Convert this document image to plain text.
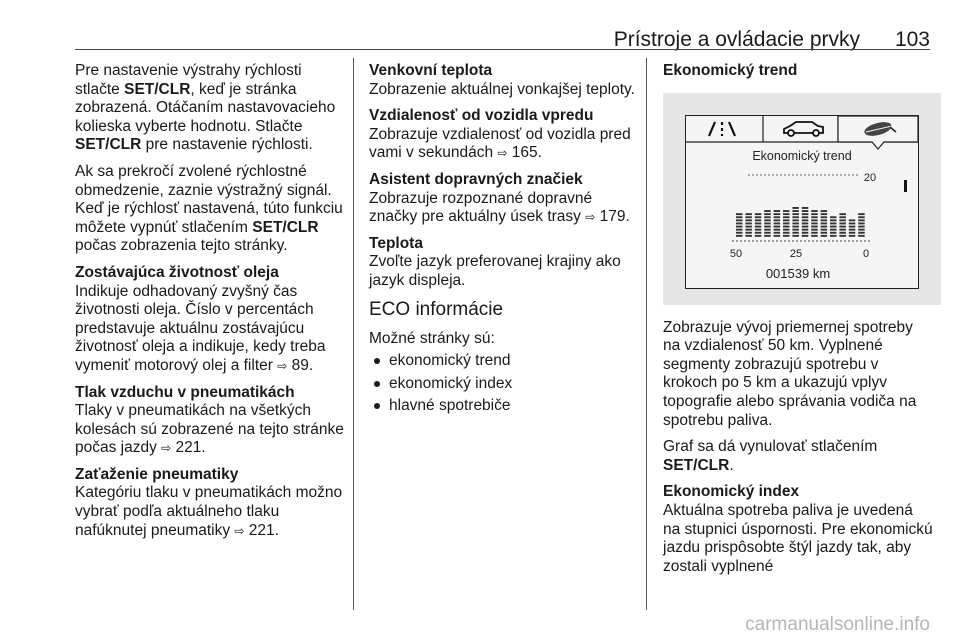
Prístroje a ovládacie prvky 103

Pre nastavenie výstrahy rýchlosti stlačte SET/CLR, keď je stránka zobrazená. Otáčaním nastavovacieho kolieska vyberte hodnotu. Stlačte SET/CLR pre nastavenie rýchlosti.

Ak sa prekročí zvolené rýchlostné obmedzenie, zaznie výstražný signál. Keď je rýchlosť nastavená, túto funkciu môžete vypnúť stlačením SET/CLR počas zobrazenia tejto stránky.

Zostávajúca životnosť oleja

Indikuje odhadovaný zvyšný čas životnosti oleja. Číslo v percentách predstavuje aktuálnu zostávajúcu životnosť oleja a indikuje, kedy treba vymeniť motorový olej a filter ⇨ 89.

Tlak vzduchu v pneumatikách

Tlaky v pneumatikách na všetkých kolesách sú zobrazené na tejto stránke počas jazdy ⇨ 221.

Zaťaženie pneumatiky

Kategóriu tlaku v pneumatikách možno vybrať podľa aktuálneho tlaku nafúknutej pneumatiky ⇨ 221.

Venkovní teplota

Zobrazenie aktuálnej vonkajšej teploty.

Vzdialenosť od vozidla vpredu

Zobrazuje vzdialenosť od vozidla pred vami v sekundách ⇨ 165.

Asistent dopravných značiek

Zobrazuje rozpoznané dopravné značky pre aktuálny úsek trasy ⇨ 179.

Teplota

Zvoľte jazyk preferovanej krajiny ako jazyk displeja.

ECO informácie

Možné stránky sú:

ekonomický trend
ekonomický index
hlavné spotrebiče
Ekonomický trend
Ekonomický trend
20
50	25	0
001539 km

Zobrazuje vývoj priemernej spotreby na vzdialenosť 50 km. Vyplnené segmenty zobrazujú spotrebu v krokoch po 5 km a ukazujú vplyv topografie alebo správania vodiča na spotrebu paliva.

Graf sa dá vynulovať stlačením SET/CLR.

Ekonomický index

Aktuálna spotreba paliva je uvedená na stupnici úspornosti. Pre ekonomickú jazdu prispôsobte štýl jazdy tak, aby zostali vyplnené

carmanualsonline.info
